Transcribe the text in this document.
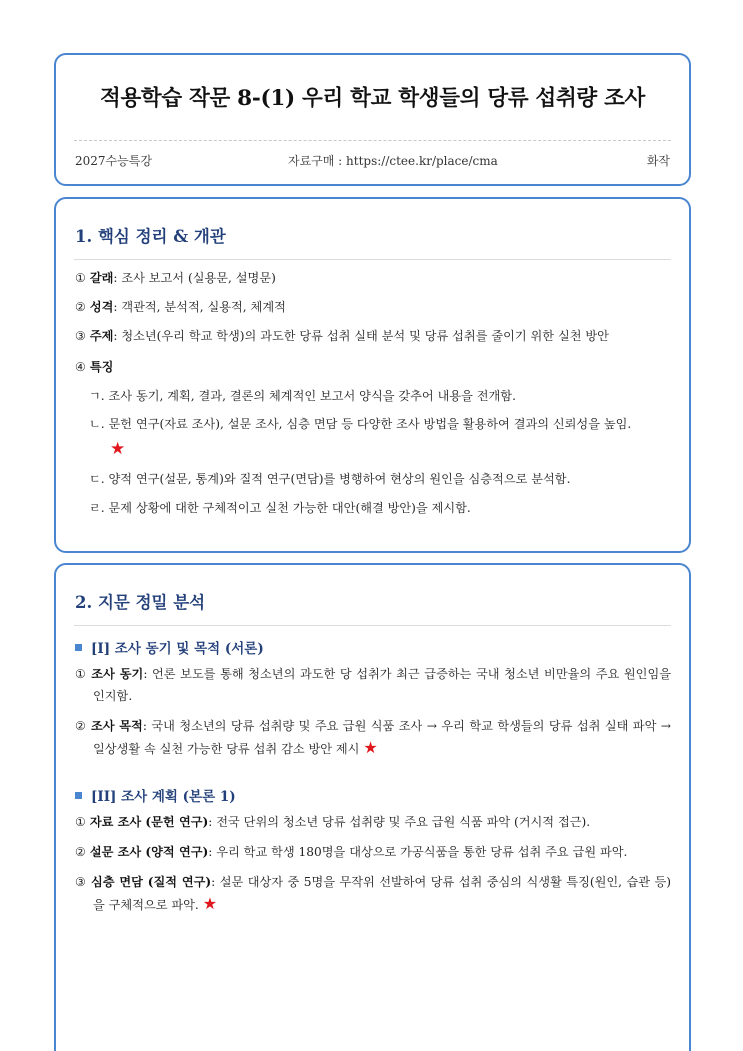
적용학습 작문 8-(1) 우리 학교 학생들의 당류 섭취량 조사
2027수능특강	자료구매 : https://ctee.kr/place/cma	화작
1. 핵심 정리 & 개관
① 갈래: 조사 보고서 (실용문, 설명문)
② 성격: 객관적, 분석적, 실용적, 체계적
③ 주제: 청소년(우리 학교 학생)의 과도한 당류 섭취 실태 분석 및 당류 섭취를 줄이기 위한 실천 방안
④ 특징
ㄱ. 조사 동기, 계획, 결과, 결론의 체계적인 보고서 양식을 갖추어 내용을 전개함.
ㄴ. 문헌 연구(자료 조사), 설문 조사, 심층 면담 등 다양한 조사 방법을 활용하여 결과의 신뢰성을 높임.
★
ㄷ. 양적 연구(설문, 통계)와 질적 연구(면담)를 병행하여 현상의 원인을 심층적으로 분석함.
ㄹ. 문제 상황에 대한 구체적이고 실천 가능한 대안(해결 방안)을 제시함.
2. 지문 정밀 분석
[I] 조사 동기 및 목적 (서론)
① 조사 동기: 언론 보도를 통해 청소년의 과도한 당 섭취가 최근 급증하는 국내 청소년 비만율의 주요 원인임을 인지함.
② 조사 목적: 국내 청소년의 당류 섭취량 및 주요 급원 식품 조사 → 우리 학교 학생들의 당류 섭취 실태 파악 → 일상생활 속 실천 가능한 당류 섭취 감소 방안 제시 ★
[II] 조사 계획 (본론 1)
① 자료 조사 (문헌 연구): 전국 단위의 청소년 당류 섭취량 및 주요 급원 식품 파악 (거시적 접근).
② 설문 조사 (양적 연구): 우리 학교 학생 180명을 대상으로 가공식품을 통한 당류 섭취 주요 급원 파악.
③ 심층 면담 (질적 연구): 설문 대상자 중 5명을 무작위 선발하여 당류 섭취 중심의 식생활 특징(원인, 습관 등)을 구체적으로 파악. ★
